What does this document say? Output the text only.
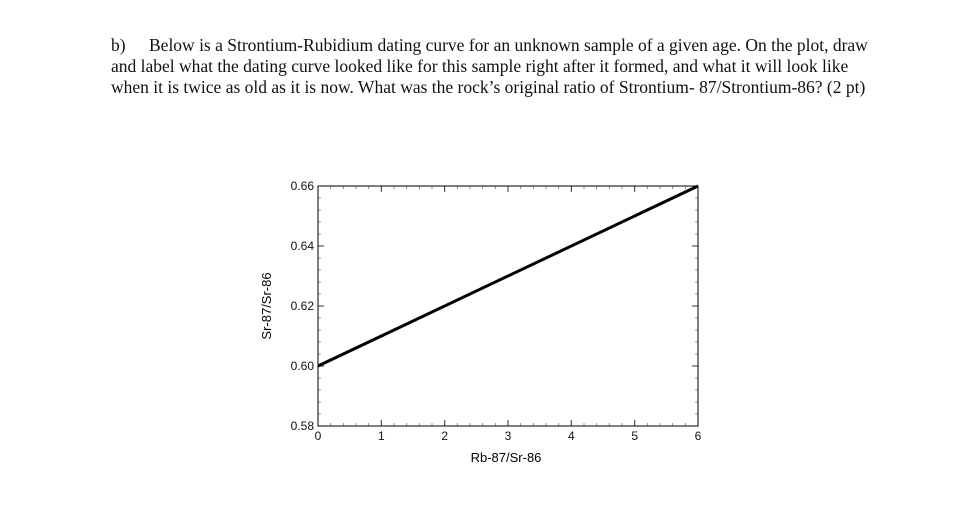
b) Below is a Strontium-Rubidium dating curve for an unknown sample of a given age. On the plot, draw and label what the dating curve looked like for this sample right after it formed, and what it will look like when it is twice as old as it is now. What was the rock’s original ratio of Strontium- 87/Strontium-86? (2 pt)

0.58
0.60
0.62
0.64
0.66
0	1	2	3	4	5	6
Rb-87/Sr-86
Sr-87/Sr-86
